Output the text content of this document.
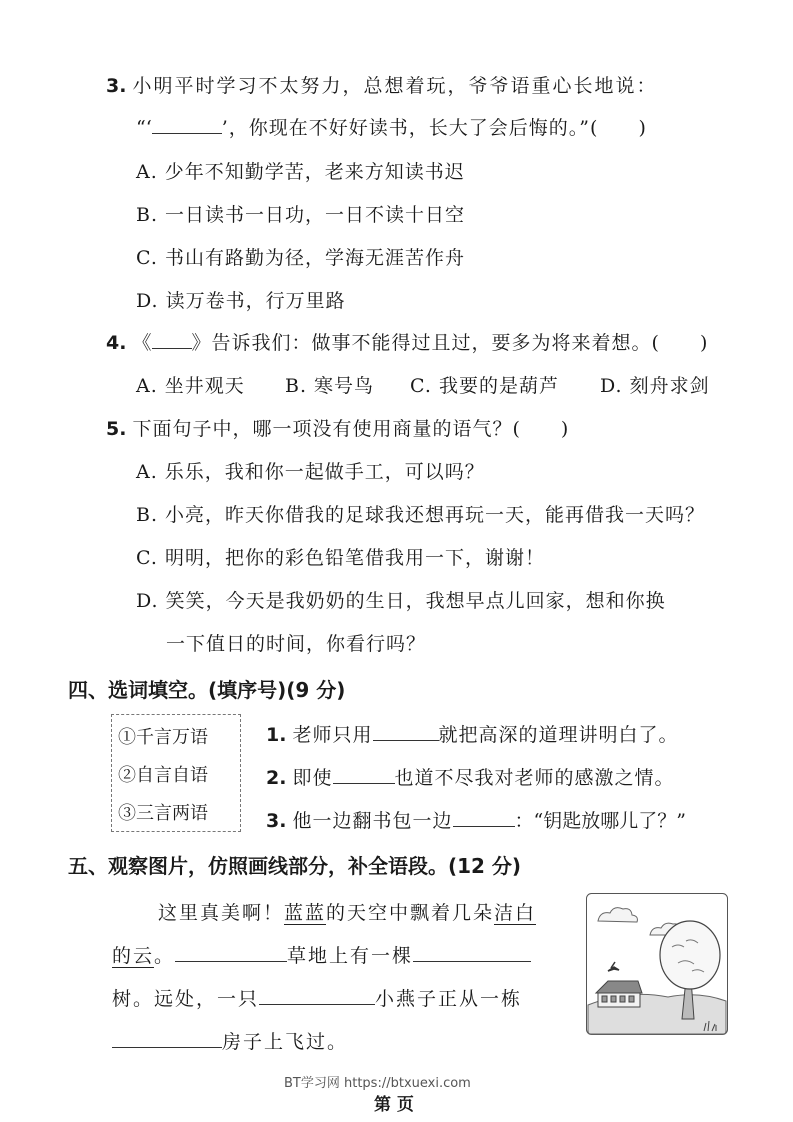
3. 小明平时学习不太努力，总想着玩，爷爷语重心长地说：
“‘	’，你现在不好好读书，长大了会后悔的。”( )
A. 少年不知勤学苦，老来方知读书迟
B. 一日读书一日功，一日不读十日空
C. 书山有路勤为径，学海无涯苦作舟
D. 读万卷书，行万里路
4. 《 》告诉我们：做事不能得过且过，要多为将来着想。( )
A. 坐井观天 B. 寒号鸟 C. 我要的是葫芦 D. 刻舟求剑
5. 下面句子中，哪一项没有使用商量的语气？( )
A. 乐乐，我和你一起做手工，可以吗？
B. 小亮，昨天你借我的足球我还想再玩一天，能再借我一天吗？
C. 明明，把你的彩色铅笔借我用一下，谢谢！
D. 笑笑，今天是我奶奶的生日，我想早点儿回家，想和你换
一下值日的时间，你看行吗？
四、选词填空。(填序号)(9 分)
①千言万语
②自言自语
③三言两语
1. 老师只用	就把高深的道理讲明白了。
2. 即使	也道不尽我对老师的感激之情。
3. 他一边翻书包一边	：“钥匙放哪儿了？”
五、观察图片，仿照画线部分，补全语段。(12 分)
这里真美啊！蓝蓝的天空中飘着几朵洁白
的云。	草地上有一棵
树。远处，一只	小燕子正从一栋
房子上飞过。
BT学习网 https://btxuexi.com
第 页
